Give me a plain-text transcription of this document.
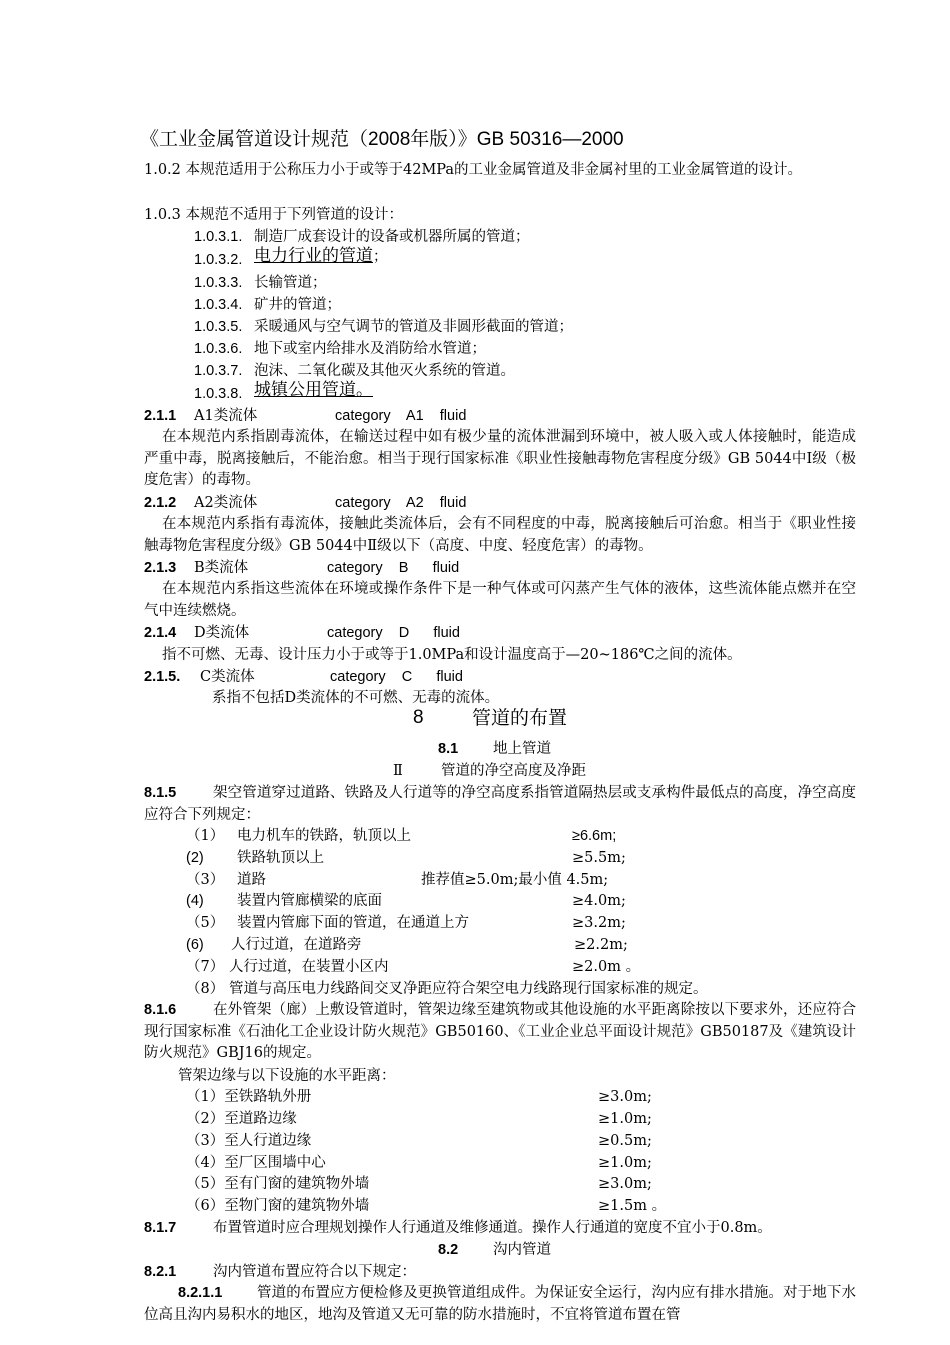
《工业金属管道设计规范（2008年版）》GB 50316—2000
1.0.2 本规范适用于公称压力小于或等于42MPa的工业金属管道及非金属衬里的工业金属管道的设计。
1.0.3 本规范不适用于下列管道的设计：
1.0.3.1. 制造厂成套设计的设备或机器所属的管道；
1.0.3.2. 电力行业的管道；
1.0.3.3. 长输管道；
1.0.3.4. 矿井的管道；
1.0.3.5. 采暖通风与空气调节的管道及非圆形截面的管道；
1.0.3.6. 地下或室内给排水及消防给水管道；
1.0.3.7. 泡沫、二氧化碳及其他灭火系统的管道。
1.0.3.8. 城镇公用管道。
2.1.1 A1类流体	category    A1    fluid
在本规范内系指剧毒流体，在输送过程中如有极少量的流体泄漏到环境中，被人吸入或人体接触时，能造成严重中毒，脱离接触后，不能治愈。相当于现行国家标准《职业性接触毒物危害程度分级》GB 5044中Ⅰ级（极度危害）的毒物。
2.1.2 A2类流体	category    A2    fluid
在本规范内系指有毒流体，接触此类流体后，会有不同程度的中毒，脱离接触后可治愈。相当于《职业性接触毒物危害程度分级》GB 5044中Ⅱ级以下（高度、中度、轻度危害）的毒物。
2.1.3 B类流体	category    B      fluid
在本规范内系指这些流体在环境或操作条件下是一种气体或可闪蒸产生气体的液体，这些流体能点燃并在空气中连续燃烧。
2.1.4 D类流体	category    D      fluid
指不可燃、无毒、设计压力小于或等于1.0MPa和设计温度高于—20~186℃之间的流体。
2.1.5. C类流体	category    C      fluid
系指不包括D类流体的不可燃、无毒的流体。
8	管道的布置
8.1 地上管道
Ⅱ	管道的净空高度及净距
架空管道穿过道路、铁路及人行道等的净空高度系指管道隔热层或支承构件最低点的高度，净空高度应符合下列规定：
8.1.5
（1） 电力机车的铁路，轨顶以上	≥6.6m;
(2) 铁路轨顶以上	≥5.5m;
（3） 道路	推荐值≥5.0m;最小值 4.5m;
(4) 装置内管廊横梁的底面	≥4.0m;
（5） 装置内管廊下面的管道，在通道上方	≥3.2m;
(6) 人行过道，在道路旁	≥2.2m;
（7） 人行过道，在装置小区内	≥2.0m 。
（8） 管道与高压电力线路间交叉净距应符合架空电力线路现行国家标准的规定。
在外管架（廊）上敷设管道时，管架边缘至建筑物或其他设施的水平距离除按以下要求外，还应符合现行国家标准《石油化工企业设计防火规范》GB50160、《工业企业总平面设计规范》GB50187及《建筑设计防火规范》GBJ16的规定。
8.1.6
管架边缘与以下设施的水平距离：
（1）至铁路轨外册	≥3.0m;
（2）至道路边缘	≥1.0m;
（3）至人行道边缘	≥0.5m;
（4）至厂区围墙中心	≥1.0m;
（5）至有门窗的建筑物外墙	≥3.0m;
（6）至物门窗的建筑物外墙	≥1.5m 。
8.1.7	布置管道时应合理规划操作人行通道及维修通道。操作人行通道的宽度不宜小于0.8m。
8.2 沟内管道
8.2.1	沟内管道布置应符合以下规定：
管道的布置应方便检修及更换管道组成件。为保证安全运行，沟内应有排水措施。对于地下水位高且沟内易积水的地区，地沟及管道又无可靠的防水措施时，不宜将管道布置在管
8.2.1.1
